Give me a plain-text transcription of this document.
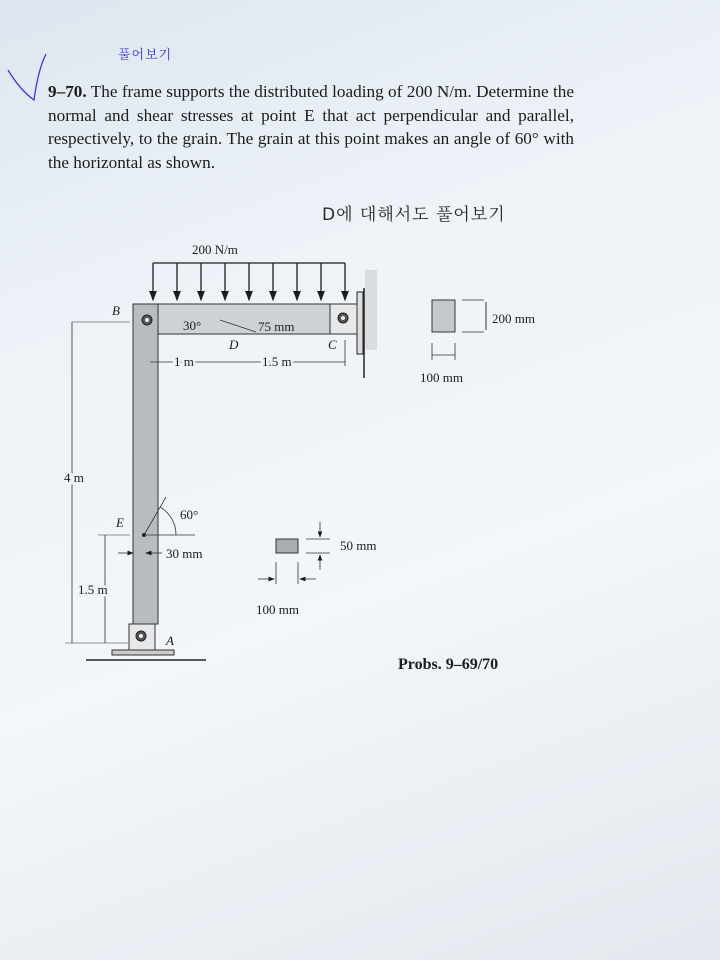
풀어보기
D에 대해서도 풀어보기
9–70. The frame supports the distributed loading of 200 N/m. Determine the normal and shear stresses at point E that act perpendicular and parallel, respectively, to the grain. The grain at this point makes an angle of 60° with the horizontal as shown.
200 N/m
B
30°	75 mm
D	C
1 m	1.5 m
200 mm
100 mm
4 m
E
60°
30 mm
1.5 m
50 mm
100 mm
A
Probs. 9–69/70
